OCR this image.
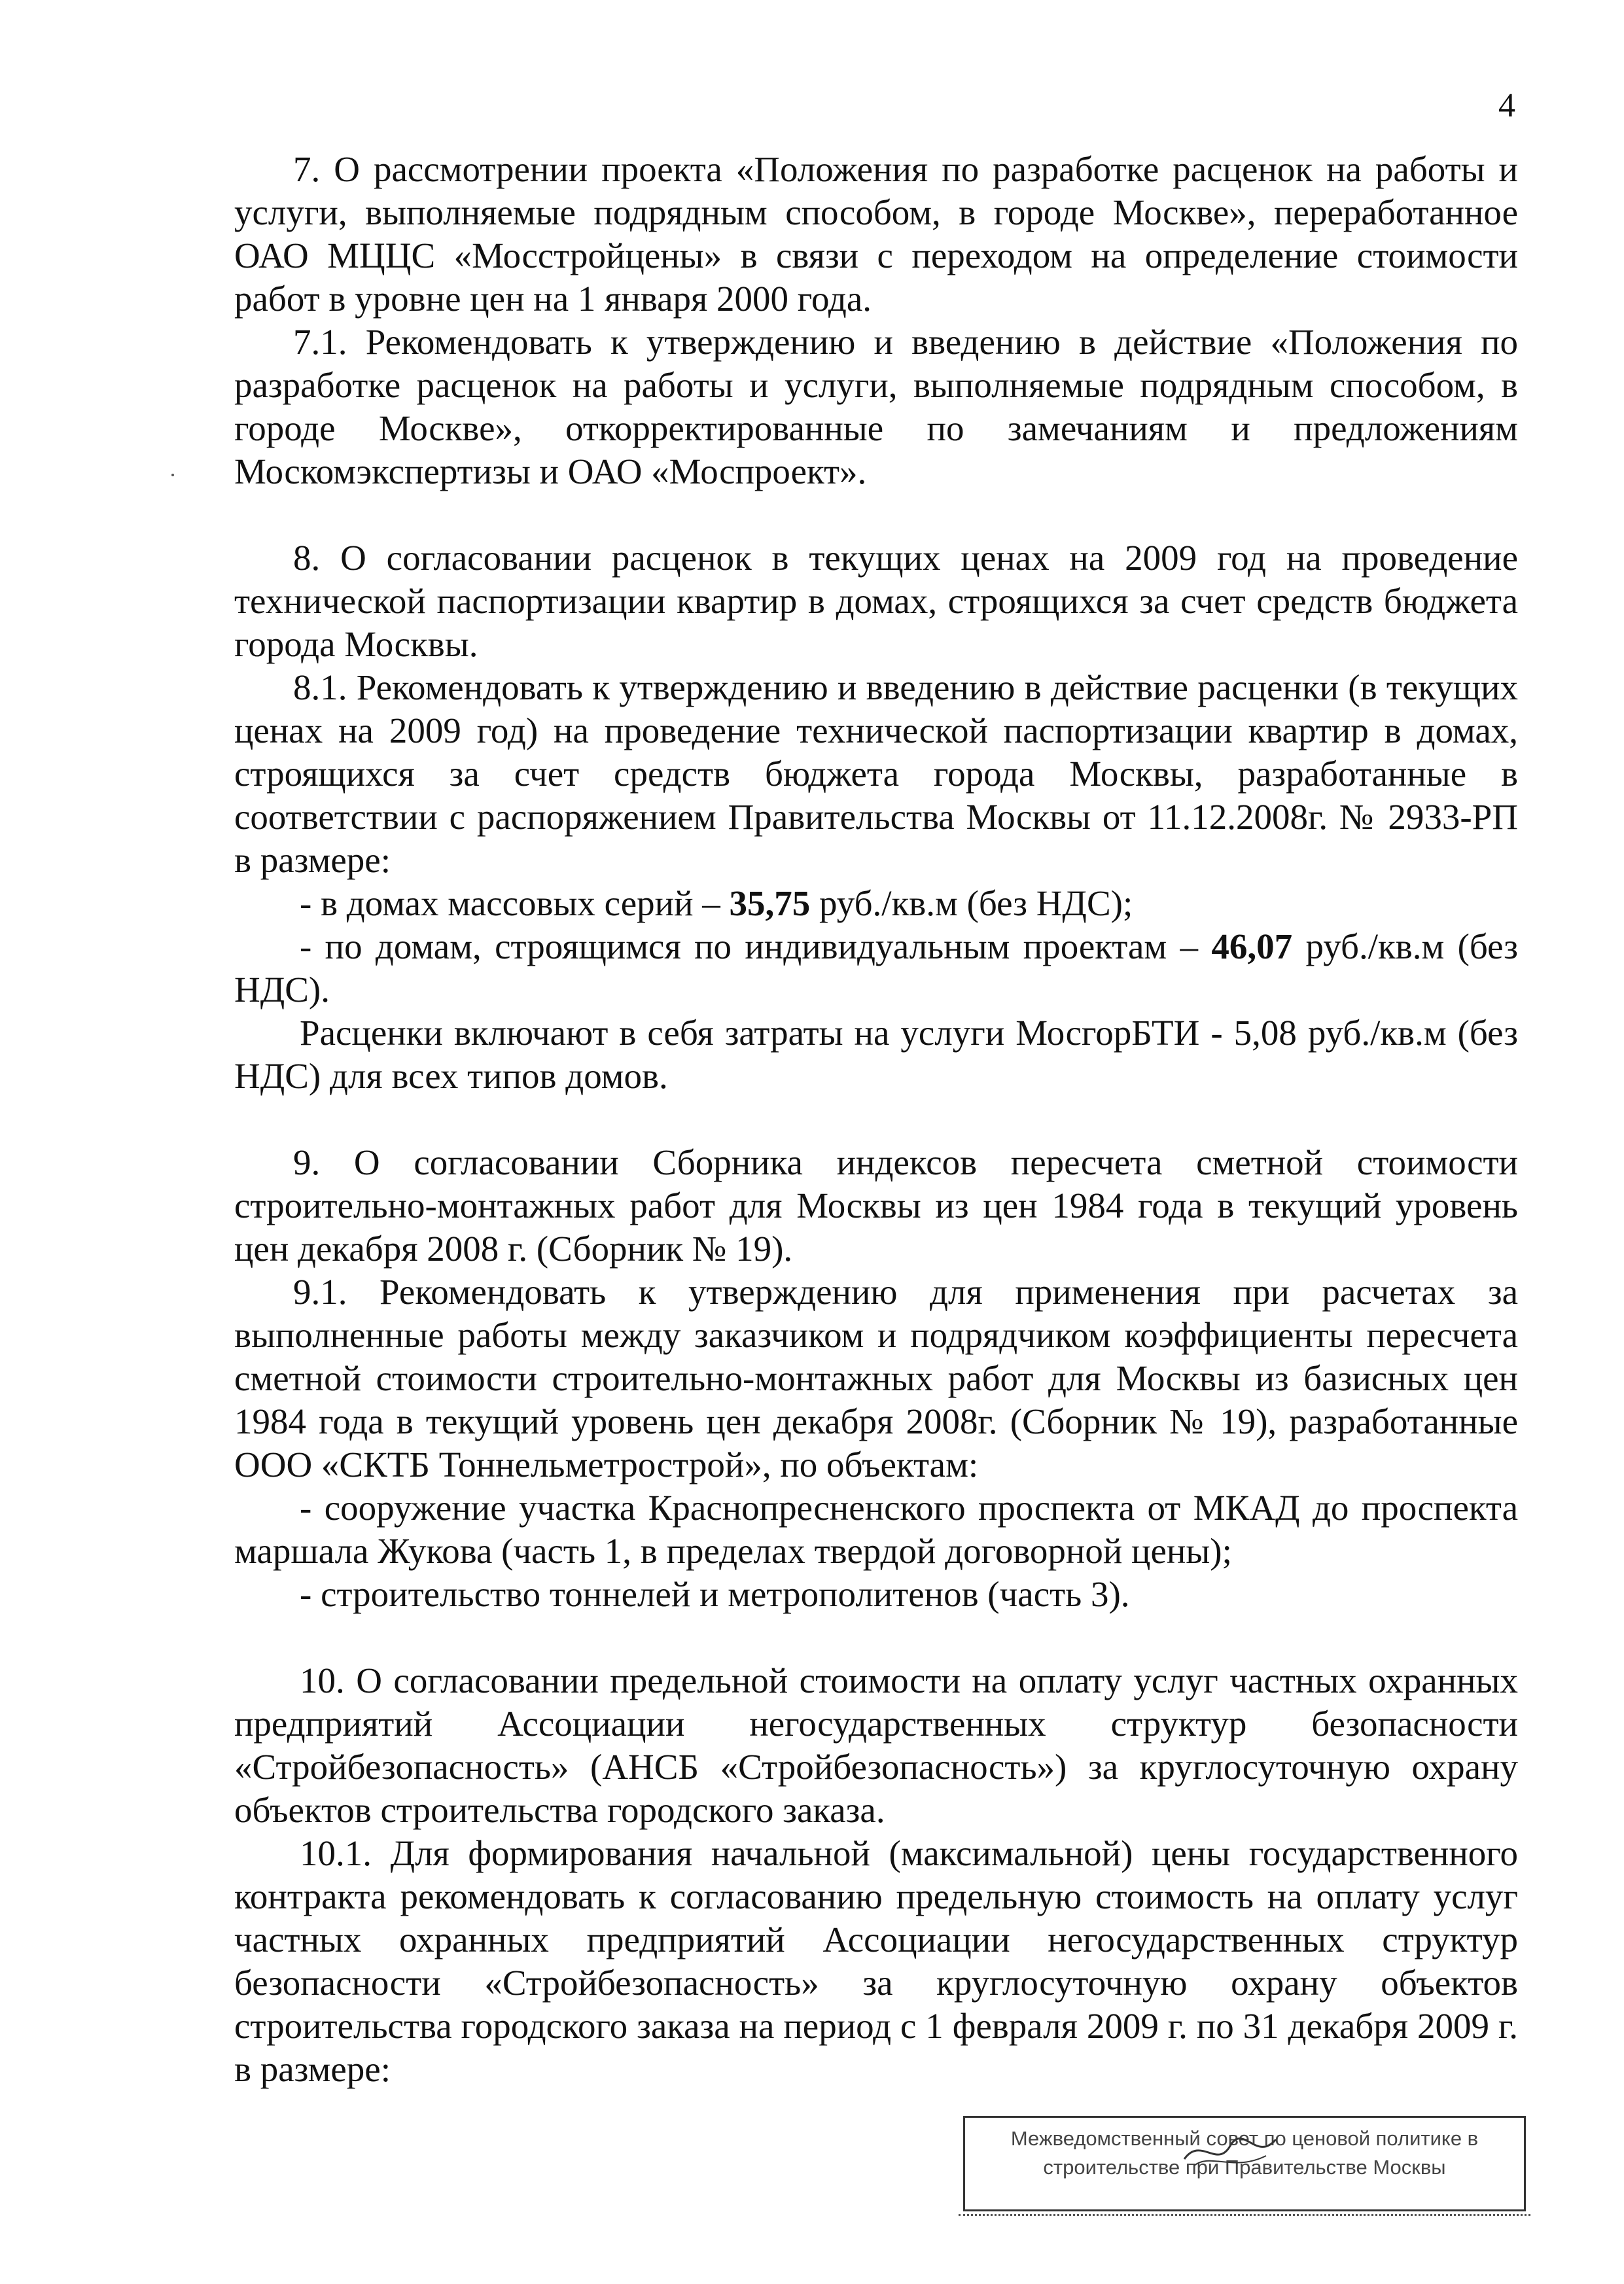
4

7. О рассмотрении проекта «Положения по разработке расценок на работы и услуги, выполняемые подрядным способом, в городе Москве», переработанное ОАО МЦЦС «Мосстройцены» в связи с переходом на определение стоимости работ в уровне цен на 1 января 2000 года.

7.1. Рекомендовать к утверждению и введению в действие «Положения по разработке расценок на работы и услуги, выполняемые подрядным способом, в городе Москве», откорректированные по замечаниям и предложениям Москомэкспертизы и ОАО «Моспроект».

8. О согласовании расценок в текущих ценах на 2009 год на проведение технической паспортизации квартир в домах, строящихся за счет средств бюджета города Москвы.

8.1. Рекомендовать к утверждению и введению в действие расценки (в текущих ценах на 2009 год) на проведение технической паспортизации квартир в домах, строящихся за счет средств бюджета города Москвы, разработанные в соответствии с распоряжением Правительства Москвы от 11.12.2008г. № 2933-РП в размере:

- в домах массовых серий – 35,75 руб./кв.м (без НДС);

- по домам, строящимся по индивидуальным проектам – 46,07 руб./кв.м (без НДС).

Расценки включают в себя затраты на услуги МосгорБТИ - 5,08 руб./кв.м (без НДС) для всех типов домов.

9. О согласовании Сборника индексов пересчета сметной стоимости строительно-монтажных работ для Москвы из цен 1984 года в текущий уровень цен декабря 2008 г. (Сборник № 19).

9.1. Рекомендовать к утверждению для применения при расчетах за выполненные работы между заказчиком и подрядчиком коэффициенты пересчета сметной стоимости строительно-монтажных работ для Москвы из базисных цен 1984 года в текущий уровень цен декабря 2008г. (Сборник № 19), разработанные ООО «СКТБ Тоннельметрострой», по объектам:

- сооружение участка Краснопресненского проспекта от МКАД до проспекта маршала Жукова (часть 1, в пределах твердой договорной цены);

- строительство тоннелей и метрополитенов (часть 3).

10. О согласовании предельной стоимости на оплату услуг частных охранных предприятий Ассоциации негосударственных структур безопасности «Стройбезопасность» (АНСБ «Стройбезопасность») за круглосуточную охрану объектов строительства городского заказа.

10.1. Для формирования начальной (максимальной) цены государственного контракта рекомендовать к согласованию предельную стоимость на оплату услуг частных охранных предприятий Ассоциации негосударственных структур безопасности «Стройбезопасность» за круглосуточную охрану объектов строительства городского заказа на период с 1 февраля 2009 г. по 31 декабря 2009 г. в размере:

Межведомственный совет по ценовой политике в
строительстве при Правительстве Москвы
